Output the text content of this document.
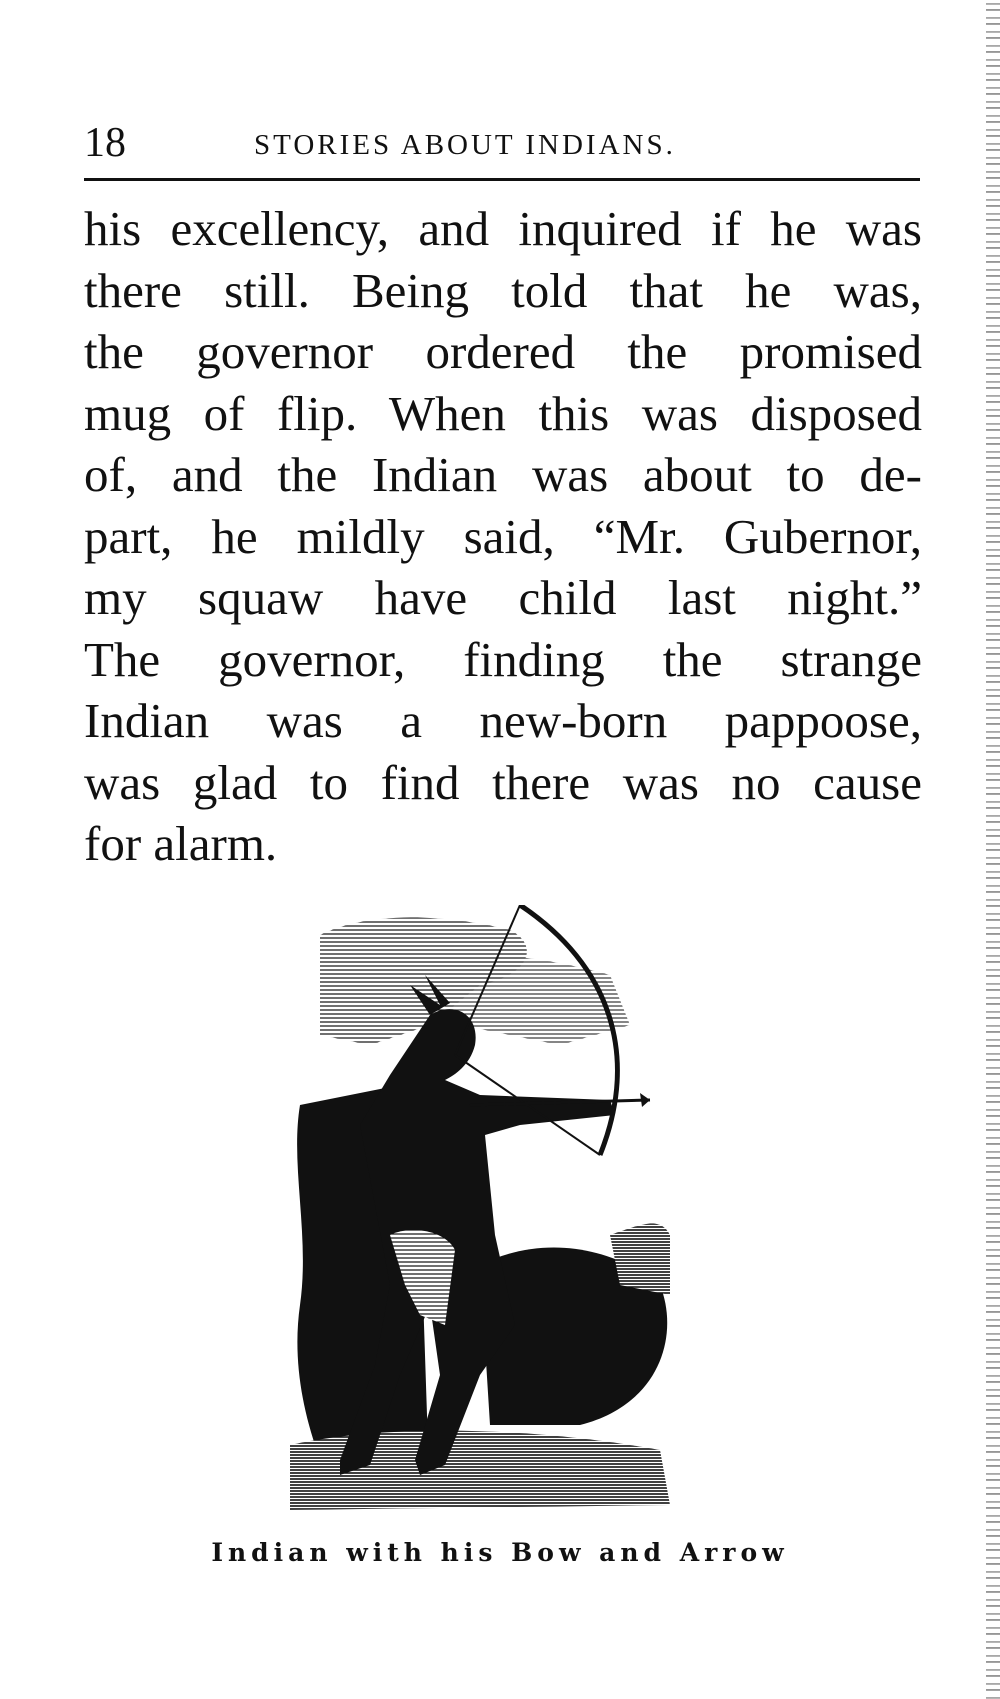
18	STORIES ABOUT INDIANS.
his excellency, and inquired if he was
there still. Being told that he was,
the governor ordered the promised
mug of flip. When this was disposed
of, and the Indian was about to de-
part, he mildly said, “Mr. Gubernor,
my squaw have child last night.”
The governor, finding the strange
Indian was a new-born pappoose,
was glad to find there was no cause
for alarm.
Indian with his Bow and Arrow
